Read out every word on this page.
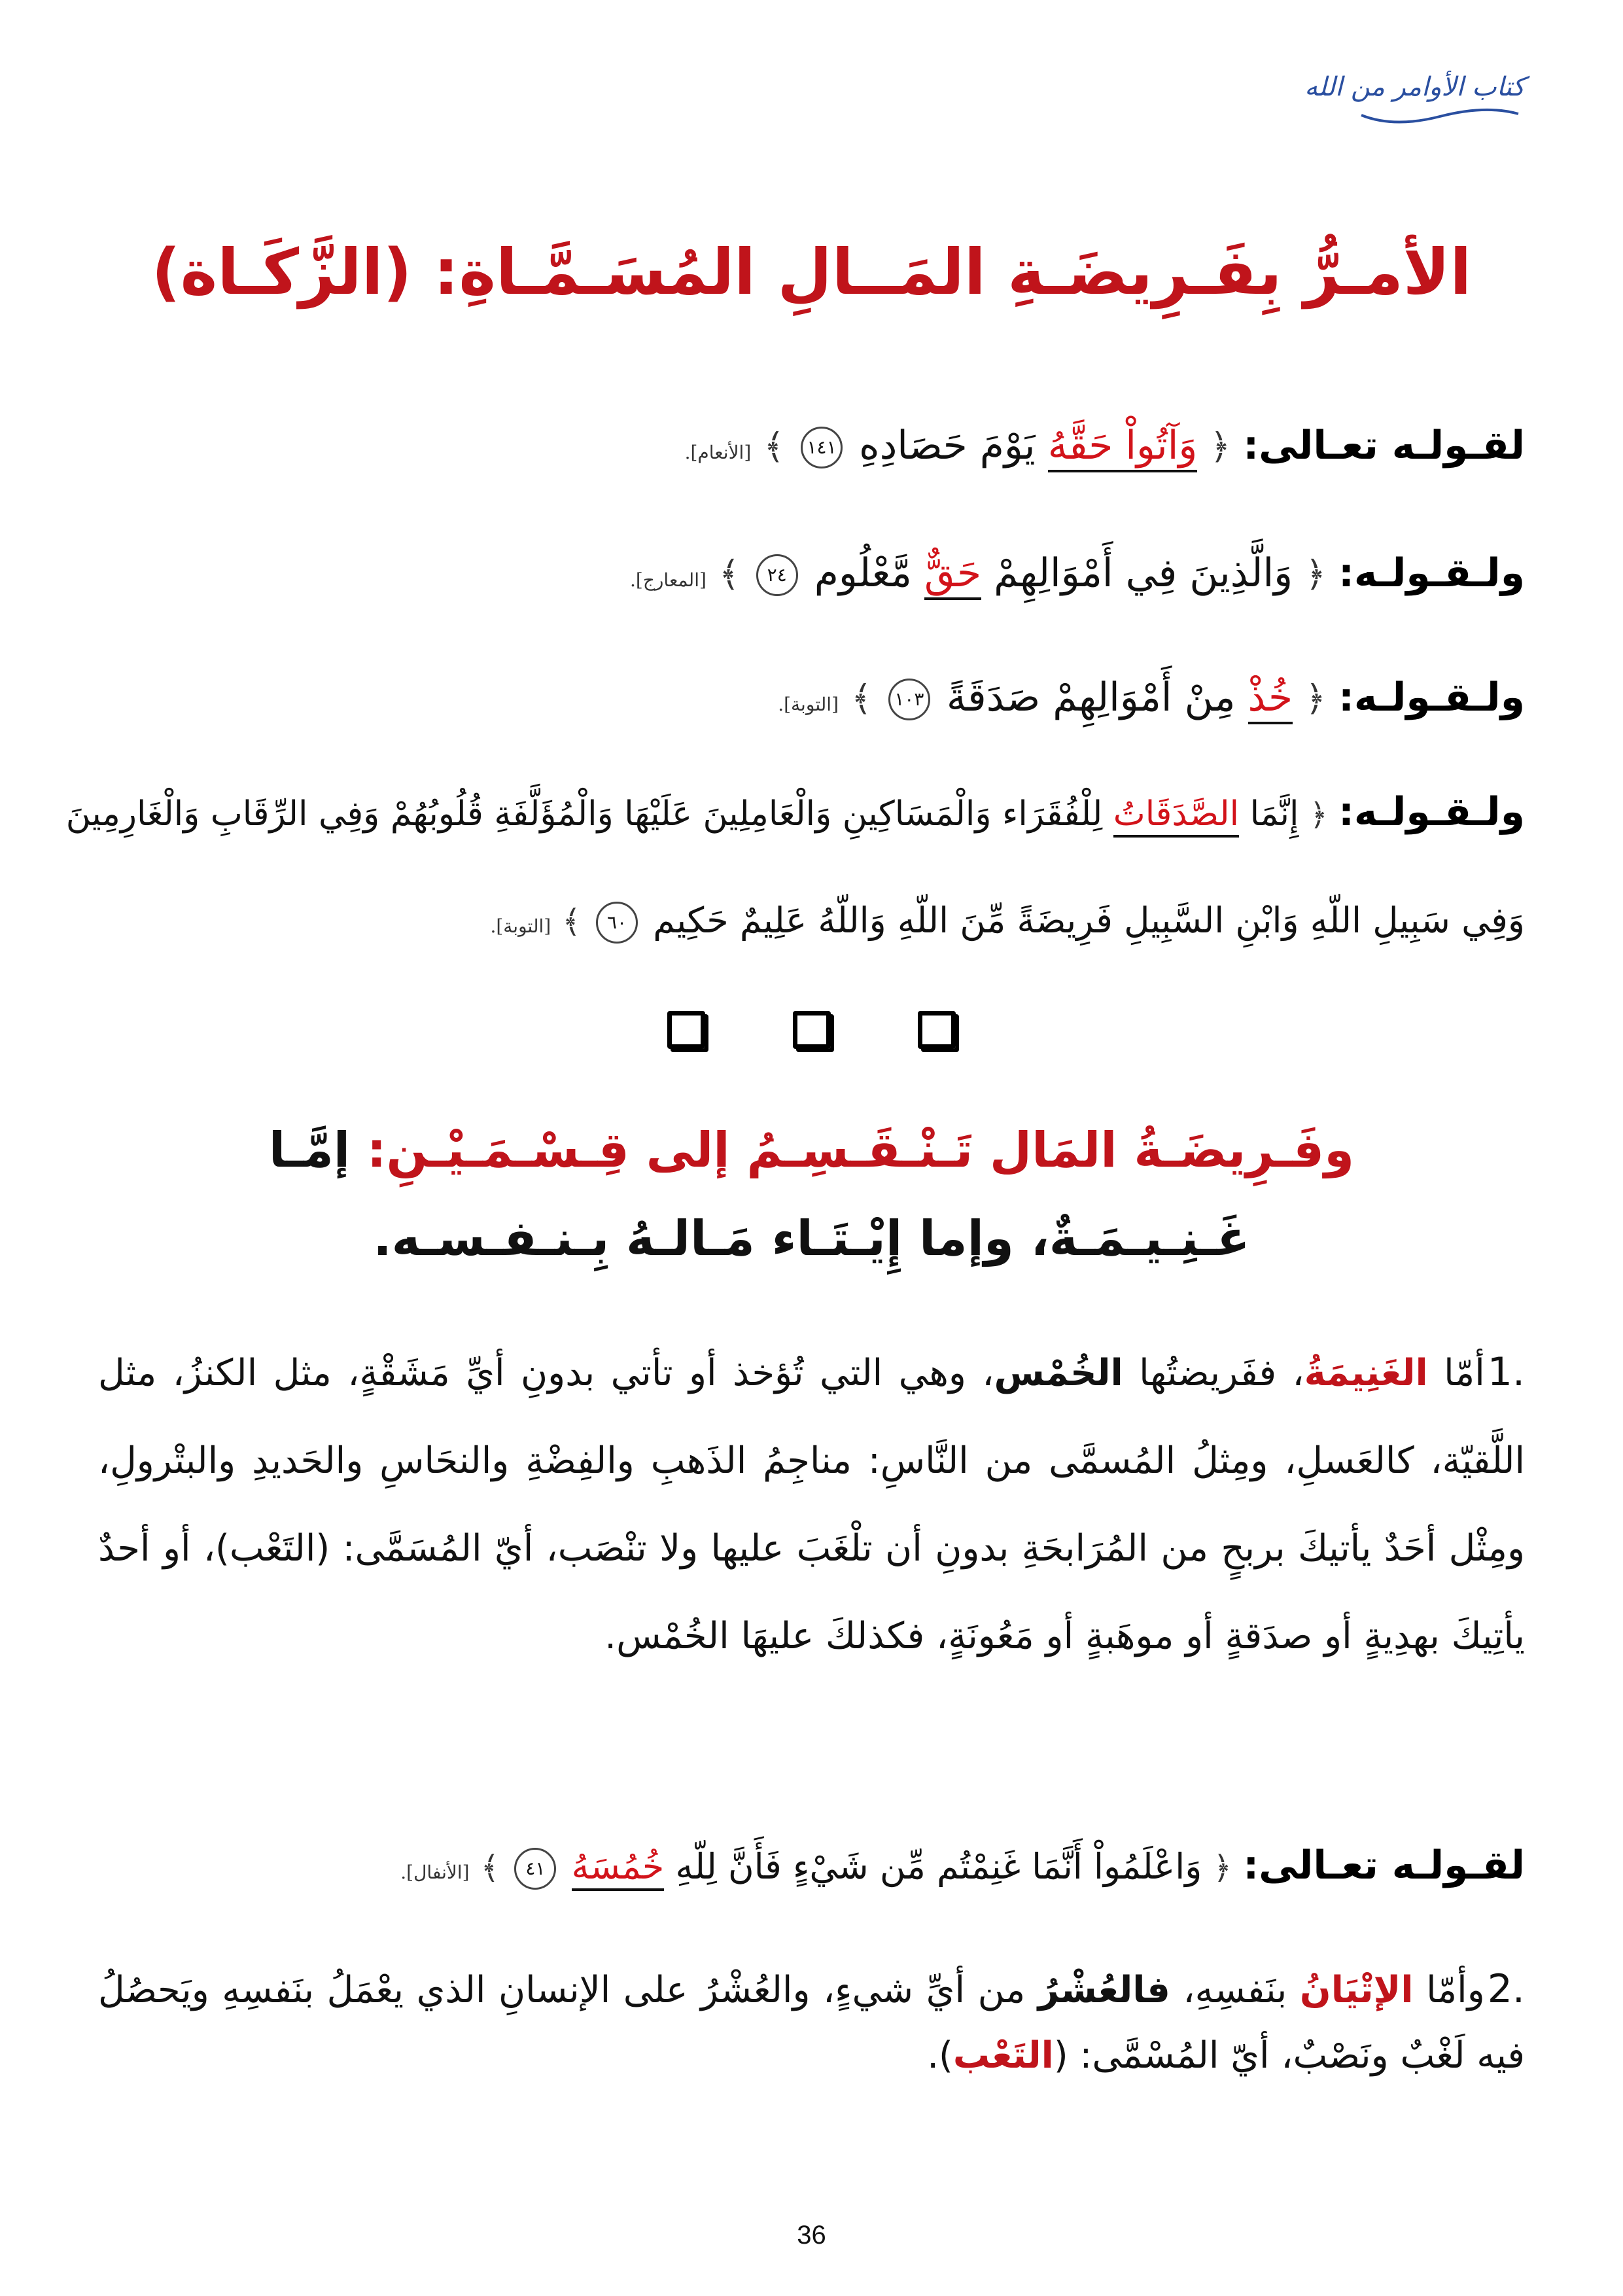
كتاب الأوامر من الله
الأمـرُّ بِفَـرِيضَـةِ المَــالِ المُسَـمَّـاةِ: (الزَّكَـاة)
لقـولـه تعـالى: ﴿ وَآتُواْ حَقَّهُ يَوْمَ حَصَادِهِ ١٤١ ﴾ [الأنعام].
ولـقـولـه: ﴿ وَالَّذِينَ فِي أَمْوَالِهِمْ حَقٌّ مَّعْلُوم ٢٤ ﴾ [المعارج].
ولـقـولـه: ﴿ خُذْ مِنْ أَمْوَالِهِمْ صَدَقَةً ١٠٣ ﴾ [التوبة].
ولـقـولـه: ﴿ إِنَّمَا الصَّدَقَاتُ لِلْفُقَرَاء وَالْمَسَاكِينِ وَالْعَامِلِينَ عَلَيْهَا وَالْمُؤَلَّفَةِ قُلُوبُهُمْ وَفِي الرِّقَابِ وَالْغَارِمِينَ
وَفِي سَبِيلِ اللّهِ وَابْنِ السَّبِيلِ فَرِيضَةً مِّنَ اللّهِ وَاللّهُ عَلِيمٌ حَكِيم ٦٠ ﴾ [التوبة].

وفَـرِيضَـةُ المَال تَـنْـقَـسِـمُ إلى قِـسْـمَـيْـنِ: إمَّـا
غَـنِـيـمَـةٌ، وإما إِيْـتَـاء مَـالـهُ بِـنـفـسـه.
1.أمّا الغَنِيمَةُ، ففَريضتُها الخُمْس، وهي التي تُؤخذ أو تأتي بدونِ أيِّ مَشَقْةٍ، مثل الكنزُ، مثل اللَّقيّة، كالعَسلِ، ومِثلُ المُسمَّى من النَّاسِ: مناجِمُ الذَهبِ والفِضْةِ والنحَاسِ والحَديدِ والبتْرولِ، ومِثْل أحَدٌ يأتيكَ بربحٍ من المُرَابحَةِ بدونِ أن تلْغَبَ عليها ولا تنْصَب، أيّ المُسَمَّى: (التَعْب)، أو أحدٌ يأتِيكَ بهدِيةٍ أو صدَقةٍ أو موهَبةٍ أو مَعُونَةٍ، فكذلكَ عليهَا الخُمْس.
لقـولـه تعـالى: ﴿ وَاعْلَمُواْ أَنَّمَا غَنِمْتُم مِّن شَيْءٍ فَأَنَّ لِلّهِ خُمُسَهُ ٤١ ﴾ [الأنفال].
2.وأمّا الإتْيَانُ بنَفسِهِ، فالعُشْرُ من أيِّ شيءٍ، والعُشْرُ على الإنسانِ الذي يعْمَلُ بنَفسِهِ ويَحصُلُ فيه لَغْبٌ ونَصْبٌ، أيّ المُسْمَّى: (التَعْب).
36
